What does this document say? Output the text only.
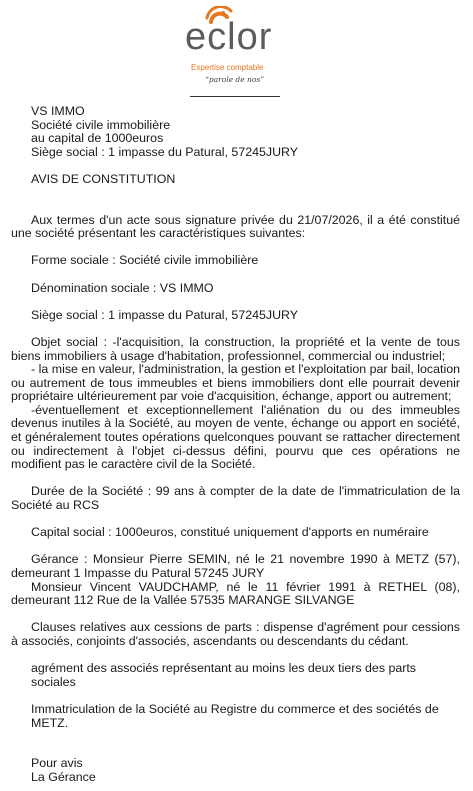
eclor
Expertise comptable
“parole de nos”

VS IMMO

Société civile immobilière

au capital de 1000euros

Siège social : 1 impasse du Patural, 57245JURY

AVIS DE CONSTITUTION

Aux termes d'un acte sous signature privée du 21/07/2026, il a été constitué une société présentant les caractéristiques suivantes:

Forme sociale : Société civile immobilière

Dénomination sociale : VS IMMO

Siège social : 1 impasse du Patural, 57245JURY

Objet social : -l'acquisition, la construction, la propriété et la vente de tous biens immobiliers à usage d'habitation, professionnel, commercial ou industriel;

- la mise en valeur, l'administration, la gestion et l'exploitation par bail, location ou autrement de tous immeubles et biens immobiliers dont elle pourrait devenir propriétaire ultérieurement par voie d'acquisition, échange, apport ou autrement;

-éventuellement et exceptionnellement l'aliénation du ou des immeubles devenus inutiles à la Société, au moyen de vente, échange ou apport en société, et généralement toutes opérations quelconques pouvant se rattacher directement ou indirectement à l'objet ci-dessus défini, pourvu que ces opérations ne modifient pas le caractère civil de la Société.

Durée de la Société : 99 ans à compter de la date de l'immatriculation de la Société au RCS

Capital social : 1000euros, constitué uniquement d'apports en numéraire

Gérance : Monsieur Pierre SEMIN, né le 21 novembre 1990 à METZ (57), demeurant 1 Impasse du Patural 57245 JURY

Monsieur Vincent VAUDCHAMP, né le 11 février 1991 à RETHEL (08), demeurant 112 Rue de la Vallée 57535 MARANGE SILVANGE

Clauses relatives aux cessions de parts : dispense d'agrément pour cessions à associés, conjoints d'associés, ascendants ou descendants du cédant.

agrément des associés représentant au moins les deux tiers des parts sociales

Immatriculation de la Société au Registre du commerce et des sociétés de METZ.

Pour avis

La Gérance
